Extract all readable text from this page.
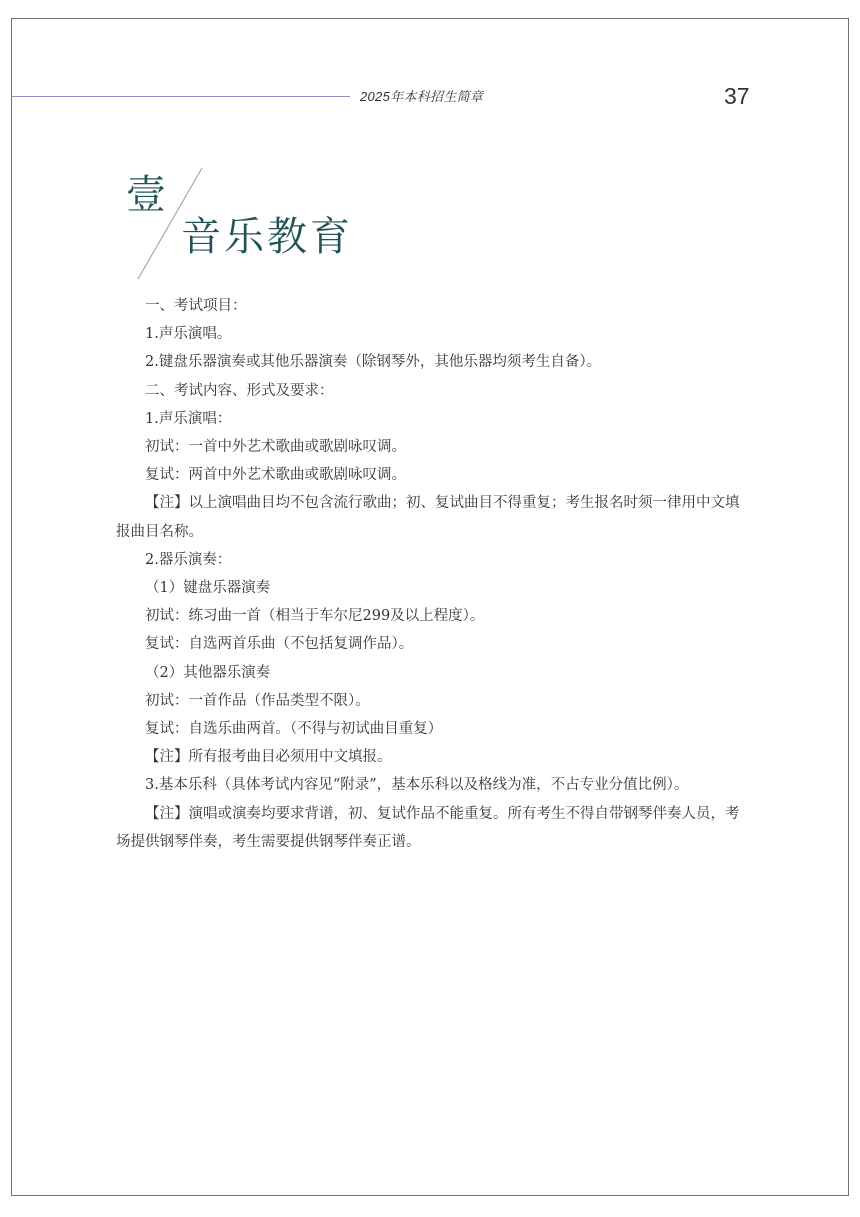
2025年本科招生简章	37
壹
音乐教育

一、考试项目：

1.声乐演唱。

2.键盘乐器演奏或其他乐器演奏（除钢琴外，其他乐器均须考生自备）。

二、考试内容、形式及要求：

1.声乐演唱：

初试：一首中外艺术歌曲或歌剧咏叹调。

复试：两首中外艺术歌曲或歌剧咏叹调。

【注】以上演唱曲目均不包含流行歌曲；初、复试曲目不得重复；考生报名时须一律用中文填报曲目名称。

2.器乐演奏：

（1）键盘乐器演奏

初试：练习曲一首（相当于车尔尼299及以上程度）。

复试：自选两首乐曲（不包括复调作品）。

（2）其他器乐演奏

初试：一首作品（作品类型不限）。

复试：自选乐曲两首。（不得与初试曲目重复）

【注】所有报考曲目必须用中文填报。

3.基本乐科（具体考试内容见“附录”，基本乐科以及格线为准，不占专业分值比例）。

【注】演唱或演奏均要求背谱，初、复试作品不能重复。所有考生不得自带钢琴伴奏人员，考场提供钢琴伴奏，考生需要提供钢琴伴奏正谱。
